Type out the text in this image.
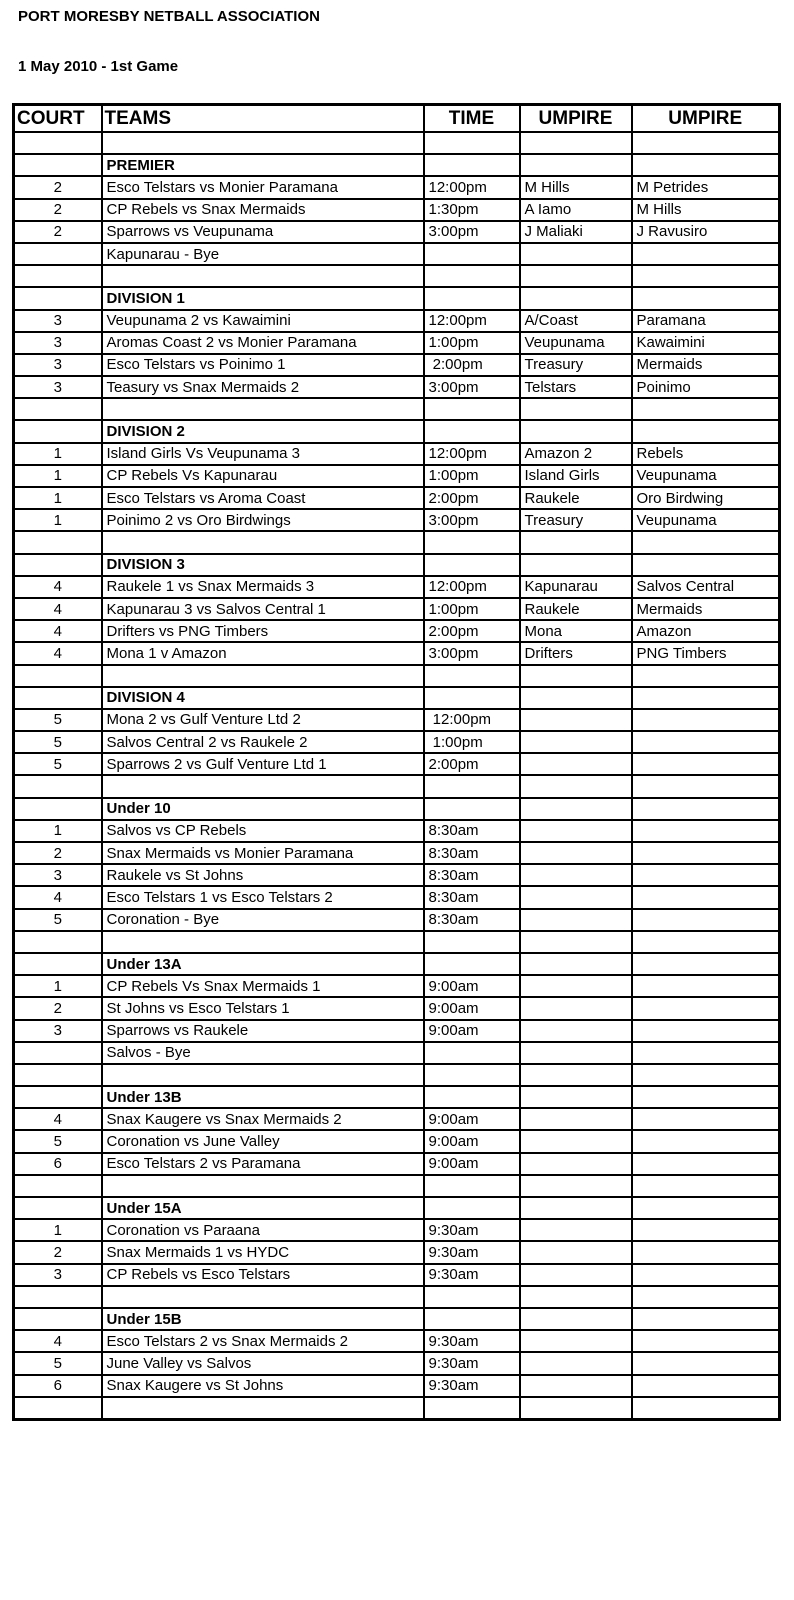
PORT MORESBY NETBALL ASSOCIATION
1 May 2010 - 1st Game
COURT	TEAMS	TIME	UMPIRE	UMPIRE

	PREMIER			
2	Esco Telstars vs Monier Paramana	12:00pm	M Hills	M Petrides
2	CP Rebels vs Snax Mermaids	1:30pm	A Iamo	M Hills
2	Sparrows vs Veupunama	3:00pm	J Maliaki	J Ravusiro
	Kapunarau - Bye			

	DIVISION 1			
3	Veupunama 2 vs Kawaimini	12:00pm	A/Coast	Paramana
3	Aromas Coast 2 vs Monier Paramana	1:00pm	Veupunama	Kawaimini
3	Esco Telstars vs Poinimo 1	2:00pm	Treasury	Mermaids
3	Teasury vs Snax Mermaids 2	3:00pm	Telstars	Poinimo

	DIVISION 2			
1	Island Girls Vs Veupunama 3	12:00pm	Amazon 2	Rebels
1	CP Rebels Vs Kapunarau	1:00pm	Island Girls	Veupunama
1	Esco Telstars vs Aroma Coast	2:00pm	Raukele	Oro Birdwing
1	Poinimo 2 vs Oro Birdwings	3:00pm	Treasury	Veupunama

	DIVISION 3			
4	Raukele 1 vs Snax Mermaids 3	12:00pm	Kapunarau	Salvos Central
4	Kapunarau 3 vs Salvos Central 1	1:00pm	Raukele	Mermaids
4	Drifters vs PNG Timbers	2:00pm	Mona	Amazon
4	Mona 1 v Amazon	3:00pm	Drifters	PNG Timbers

	DIVISION 4			
5	Mona 2 vs Gulf Venture Ltd 2	12:00pm		
5	Salvos Central 2 vs Raukele 2	1:00pm		
5	Sparrows 2 vs Gulf Venture Ltd 1	2:00pm		

	Under 10			
1	Salvos vs CP Rebels	8:30am		
2	Snax Mermaids vs Monier Paramana	8:30am		
3	Raukele vs St Johns	8:30am		
4	Esco Telstars 1 vs Esco Telstars 2	8:30am		
5	Coronation - Bye	8:30am		

	Under 13A			
1	CP Rebels Vs Snax Mermaids 1	9:00am		
2	St Johns vs Esco Telstars 1	9:00am		
3	Sparrows vs Raukele	9:00am		
	Salvos - Bye			

	Under 13B			
4	Snax Kaugere vs Snax Mermaids 2	9:00am		
5	Coronation vs June Valley	9:00am		
6	Esco Telstars 2 vs Paramana	9:00am		

	Under 15A			
1	Coronation vs Paraana	9:30am		
2	Snax Mermaids 1 vs HYDC	9:30am		
3	CP Rebels vs Esco Telstars	9:30am		

	Under 15B			
4	Esco Telstars 2 vs Snax Mermaids 2	9:30am		
5	June Valley vs Salvos	9:30am		
6	Snax Kaugere vs St Johns	9:30am		
